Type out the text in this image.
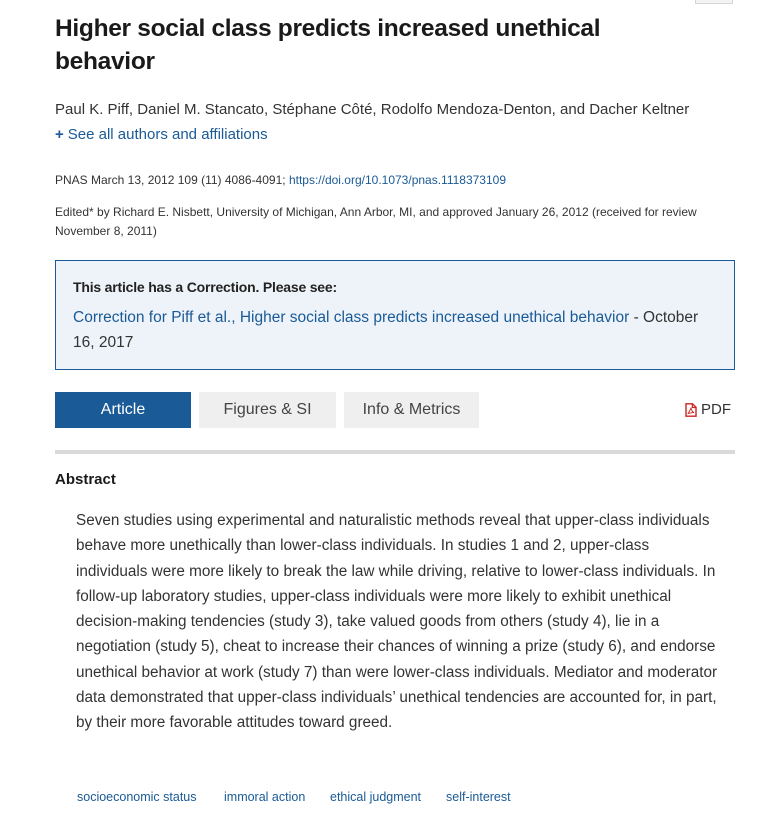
Higher social class predicts increased unethical behavior
Paul K. Piff, Daniel M. Stancato, Stéphane Côté, Rodolfo Mendoza-Denton, and Dacher Keltner
+ See all authors and affiliations
PNAS March 13, 2012 109 (11) 4086-4091; https://doi.org/10.1073/pnas.1118373109
Edited* by Richard E. Nisbett, University of Michigan, Ann Arbor, MI, and approved January 26, 2012 (received for review November 8, 2011)
This article has a Correction. Please see:
Correction for Piff et al., Higher social class predicts increased unethical behavior - October 16, 2017
Article	Figures & SI	Info & Metrics	PDF
Abstract

Seven studies using experimental and naturalistic methods reveal that upper-class individuals behave more unethically than lower-class individuals. In studies 1 and 2, upper-class individuals were more likely to break the law while driving, relative to lower-class individuals. In follow-up laboratory studies, upper-class individuals were more likely to exhibit unethical decision-making tendencies (study 3), take valued goods from others (study 4), lie in a negotiation (study 5), cheat to increase their chances of winning a prize (study 6), and endorse unethical behavior at work (study 7) than were lower-class individuals. Mediator and moderator data demonstrated that upper-class individuals’ unethical tendencies are accounted for, in part, by their more favorable attitudes toward greed.

socioeconomic status immoral action ethical judgment self-interest
